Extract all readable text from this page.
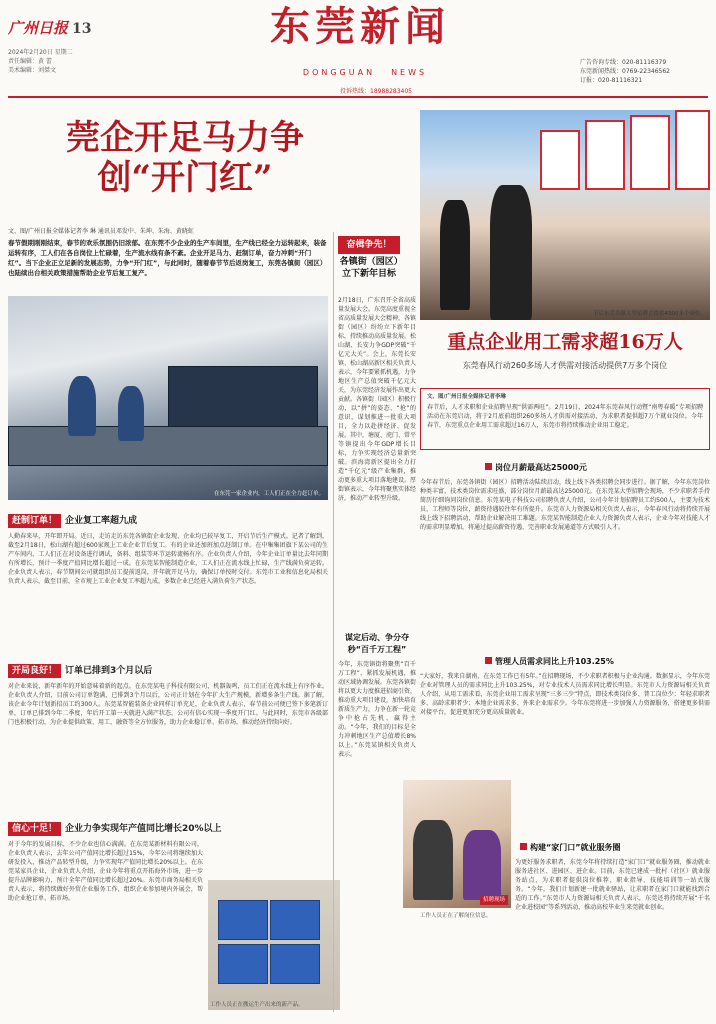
广州日报 13
2024年2月20日 星期二
责任编辑：黄 蕾
美术编辑：刘桀文
东莞新闻
DONGGUAN NEWS
广告咨询专线：020-81116379
东莞新闻热线：0769-22346562
订报：020-81116321
投诉热线：18988283405
莞企开足马力争创“开门红”
文、图/广州日报全媒体记者李 琳 通讯员邓发中、朱坤、朱海、黄晓虹
春节假期刚刚结束，春节的欢乐氛围仍旧浓郁。在东莞不少企业的生产车间里，生产线已经全力运转起来，装备运转有序，工人们在各自岗位上忙碌着，生产流水线有条不紊。企业开足马力、赶制订单，奋力冲刺“开门红”。当下企业正立足新的发展态势，力争“开门红”，与此同时，随着春节节后返岗复工，东莞各镇街（园区）也陆续出台相关政策措施帮助企业节后复工复产。
在东莞一家企业内，工人们正在全力赶订单。
赶制订单！ 企业复工率超九成
人勤春来早，开年即开局。近日，走访走访东莞各镇街企业发现，企业均已较早复工，开启节后生产模式。记者了解到，截至2月18日，松山湖有超过600家规上工业企业节后复工。有的企业还加班加点赶制订单。在中集集团旗下某公司的生产车间内，工人们正在对设备进行调试，备料、组装等环节运转流畅有序。企业负责人介绍，今年企业订单量比去年同期有所增长，预计一季度产值同比增长超过一成。在东莞某智能制造企业，工人们正在流水线上忙碌，生产线满负荷运转。企业负责人表示，春节期间公司就组织员工提前返岗，开年就开足马力，确保订单按时交付。东莞市工业和信息化局相关负责人表示，截至目前，全市规上工业企业复工率超九成，多数企业已经进入满负荷生产状态。
开局良好！ 订单已排到3个月以后
对企业来说，新年新年的开始意味着新的起点。在东莞某电子科技有限公司，机器轰鸣，员工们正在流水线上有序作业。企业负责人介绍，目前公司订单饱满，已排到3个月以后，公司正计划在今年扩大生产规模，新增多条生产线。据了解，该企业今年计划新招员工约300人。东莞某智能装备企业同样订单充足，企业负责人表示，春节前公司便已签下多笔新订单，订单已排到今年二季度，年后开工第一天就进入满产状态，公司有信心实现一季度开门红。与此同时，东莞市各级部门也积极行动，为企业提供政策、用工、融资等全方位服务，助力企业稳订单、拓市场，推动经济持续向好。
信心十足！ 企业力争实现年产值同比增长20%以上
对于今年的发展目标，不少企业也信心满满。在东莞某新材料有限公司，企业负责人表示，去年公司产值同比增长超过15%，今年公司将继续加大研发投入，推动产品转型升级，力争实现年产值同比增长20%以上。在东莞某家具企业，企业负责人介绍，企业今年将重点开拓海外市场，进一步提升品牌影响力，预计全年产值同比增长超过20%。东莞市商务局相关负责人表示，将持续做好外贸企业服务工作，组织企业参加境内外展会，帮助企业抢订单、拓市场。
工作人员正在搬运生产出来的新产品。
奋楫争先！
各镇街（园区）立下新年目标
2月18日，广东召开全省高质量发展大会。东莞高度重视全省高质量发展大会精神，各镇街（园区）纷纷立下新年目标，持续推动高质量发展。松山湖、长安力争GDP突破“千亿元大关”。会上，东莞长安镇、松山湖高新区相关负责人表示，今年要紧抓机遇，力争地区生产总值突破千亿元大关，为东莞经济发展作出更大贡献。各镇街（园区）积极行动，以“拼”的姿态、“抢”的意识，谋划推进一批重大项目，全力以赴拼经济、促发展。其中，塘厦、虎门、常平等镇提出今年GDP增长目标，力争实现经济总量新突破。滨海湾新区提出全力打造“千亿元”级产业集群，推动更多重大项目落地建设。厚街镇表示，今年将聚焦实体经济，推动产业转型升级。
谋定后动、争分夺秒“百千万工程”
今年，东莞镇街将聚焦“百千万工程”，紧抓发展机遇，推动区域协调发展。东莞各镇街将以更大力度推进招商引资，推动重大项目建设，加快培育新质生产力，力争在新一轮竞争中抢占先机、赢得主动。“今年，我们的目标是全力冲刺地区生产总值增长8%以上。”东莞某镇相关负责人表示。
节后东莞各镇大型招聘会提供4300多个岗位。
重点企业用工需求超16万人
东莞春风行动260多场人才供需对接活动提供7万多个岗位
文、图/广州日报全媒体记者李琳
春节后，人才求职和企业招聘呈现“供需两旺”。2月19日，2024年东莞春风行动暨“南粤春暖”专项招聘活动在东莞启动，将于2月底前组织260多场人才供需对接活动，为求职者提供超7万个就业岗位。今年春节，东莞重点企业用工需求超过16万人，东莞市将持续推动企业用工稳定。
岗位月薪最高达25000元
今年春节后，东莞各镇街（园区）招聘活动陆续启动，线上线下各类招聘会同步进行。据了解，今年东莞岗位种类丰富，技术类岗位需求旺盛，部分岗位月薪最高达25000元。在东莞某大型招聘会现场，不少求职者手持简历仔细询问岗位信息。东莞某电子科技公司招聘负责人介绍，公司今年计划招聘员工约500人，主要为技术员、工程师等岗位，薪资待遇较往年有所提升。东莞市人力资源局相关负责人表示，今年春风行动将持续开展线上线下招聘活动，帮助企业解决用工难题。东莞某智能制造企业人力资源负责人表示，企业今年对技能人才的需求明显增加，将通过提高薪资待遇、完善职业发展通道等方式吸引人才。
管理人员需求同比上升103.25%
“大家好，我来自湖南，在东莞工作已有5年。”在招聘现场，不少求职者积极与企业沟通。数据显示，今年东莞企业对管理人员的需求同比上升103.25%，对专业技术人员需求同比增长明显。东莞市人力资源局相关负责人介绍，从用工需求看，东莞企业用工需求呈现“三多三少”特点，即技术类岗位多、普工岗位少；年轻求职者多、高龄求职者少；本地企业需求多、外来企业需求少。今年东莞将进一步加强人力资源服务，搭建更多供需对接平台，促进更加充分更高质量就业。
招聘现场
构建“家门口”就业服务圈
为更好服务求职者，东莞今年将持续打造“家门口”就业服务圈，推动就业服务进社区、进园区、进企业。目前，东莞已建成一批村（社区）就业服务站点，为求职者提供岗位推荐、职业指导、技能培训等一站式服务。“今年，我们计划新建一批就业驿站，让求职者在家门口就能找到合适的工作。”东莞市人力资源局相关负责人表示，东莞还将持续开展“千名企业进校园”等系列活动，推动高校毕业生来莞就业创业。
工作人员正在了解岗位信息。
